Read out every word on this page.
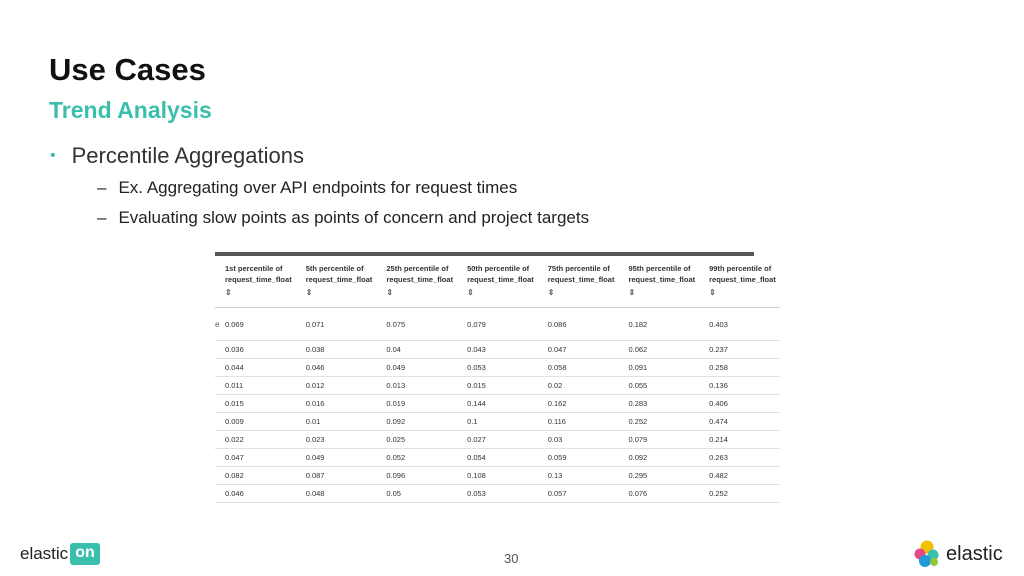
Use Cases
Trend Analysis
• Percentile Aggregations
– Ex. Aggregating over API endpoints for request times
– Evaluating slow points as points of concern and project targets
e
1st percentile of
request_time_float
⇕	5th percentile of
request_time_float
⇕	25th percentile of
request_time_float
⇕	50th percentile of
request_time_float
⇕	75th percentile of
request_time_float
⇕	95th percentile of
request_time_float
⇕	99th percentile of
request_time_float
⇕

0.069	0.071	0.075	0.079	0.086	0.182	0.403
0.036	0.038	0.04	0.043	0.047	0.062	0.237
0.044	0.046	0.049	0.053	0.058	0.091	0.258
0.011	0.012	0.013	0.015	0.02	0.055	0.136
0.015	0.016	0.019	0.144	0.162	0.283	0.406
0.009	0.01	0.092	0.1	0.116	0.252	0.474
0.022	0.023	0.025	0.027	0.03	0.079	0.214
0.047	0.049	0.052	0.054	0.059	0.092	0.263
0.082	0.087	0.096	0.108	0.13	0.295	0.482
0.046	0.048	0.05	0.053	0.057	0.076	0.252
elastic on	30	elastic
